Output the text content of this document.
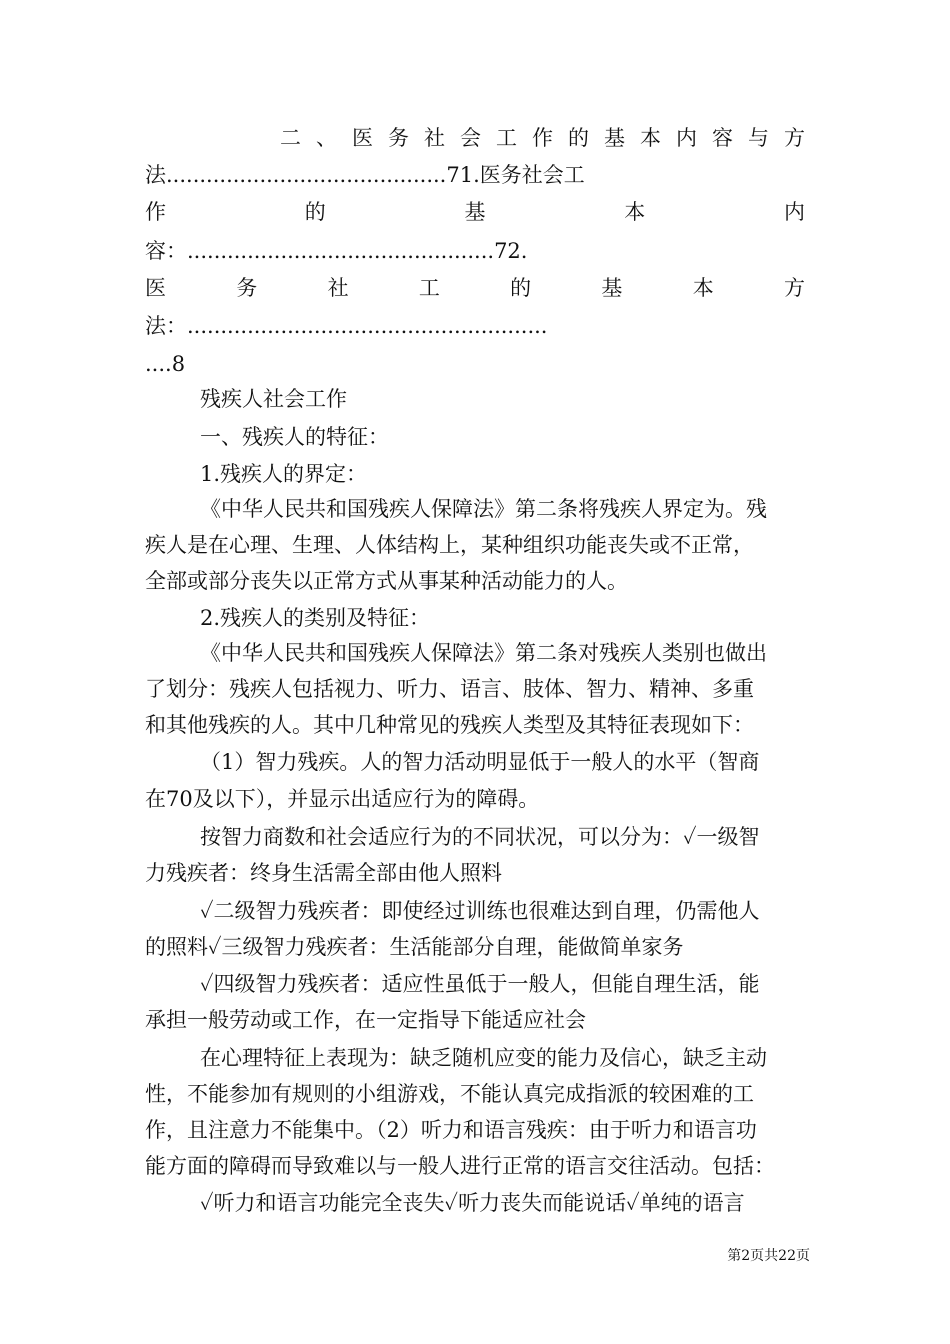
二 、 医 务 社 会 工 作 的 基 本 内 容 与 方
法..........................................71.医务社会工
作 的 基 本 内
容：..............................................72.
医 务 社 工 的 基 本 方
法：......................................................
....8
残疾人社会工作
一、残疾人的特征：
1.残疾人的界定：
《中华人民共和国残疾人保障法》第二条将残疾人界定为。残
疾人是在心理、生理、人体结构上，某种组织功能丧失或不正常，
全部或部分丧失以正常方式从事某种活动能力的人。
2.残疾人的类别及特征：
《中华人民共和国残疾人保障法》第二条对残疾人类别也做出
了划分：残疾人包括视力、听力、语言、肢体、智力、精神、多重
和其他残疾的人。其中几种常见的残疾人类型及其特征表现如下：
（1）智力残疾。人的智力活动明显低于一般人的水平（智商
在70及以下），并显示出适应行为的障碍。
按智力商数和社会适应行为的不同状况，可以分为：✓一级智
力残疾者：终身生活需全部由他人照料
✓二级智力残疾者：即使经过训练也很难达到自理，仍需他人
的照料✓三级智力残疾者：生活能部分自理，能做简单家务
✓四级智力残疾者：适应性虽低于一般人，但能自理生活，能
承担一般劳动或工作，在一定指导下能适应社会
在心理特征上表现为：缺乏随机应变的能力及信心，缺乏主动
性，不能参加有规则的小组游戏，不能认真完成指派的较困难的工
作，且注意力不能集中。（2）听力和语言残疾：由于听力和语言功
能方面的障碍而导致难以与一般人进行正常的语言交往活动。包括：
✓听力和语言功能完全丧失✓听力丧失而能说话✓单纯的语言
第2页共22页
